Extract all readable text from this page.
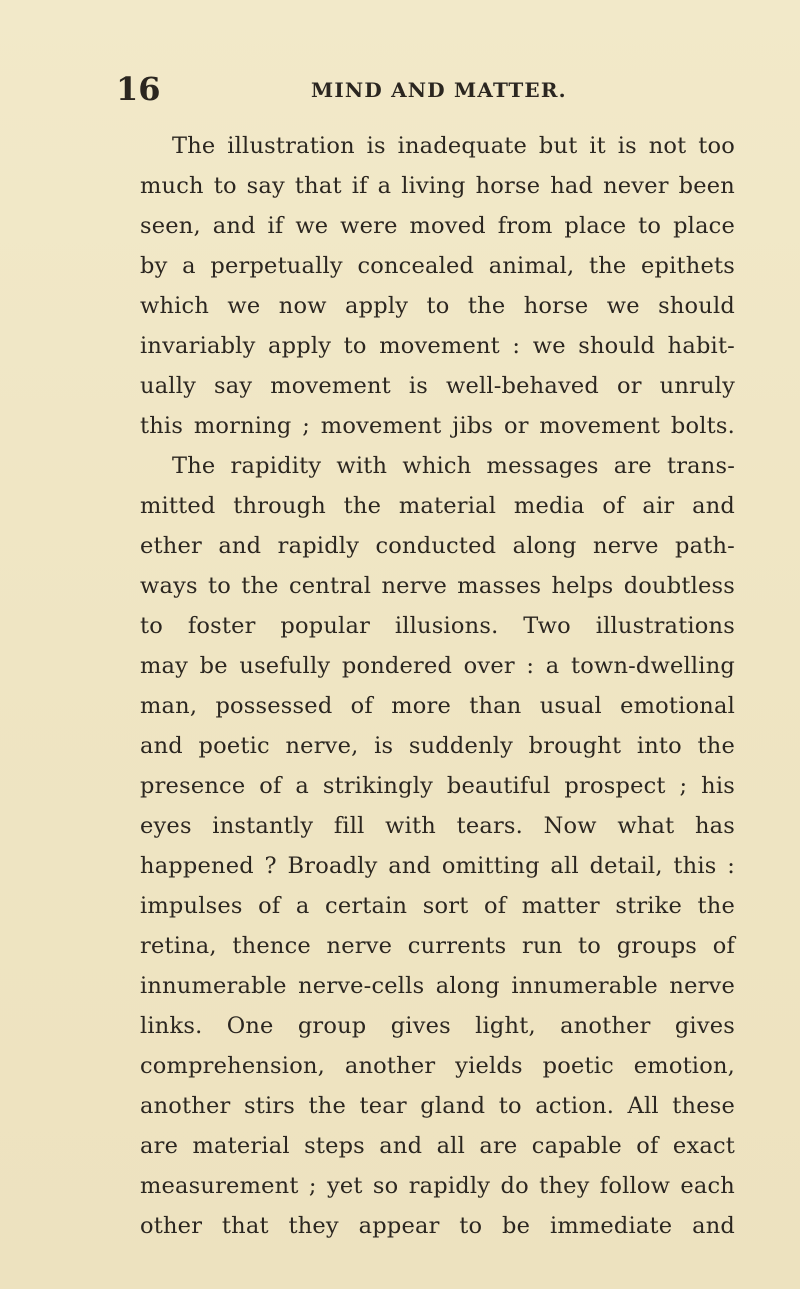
16	MIND AND MATTER.
The illustration is inadequate but it is not too
much to say that if a living horse had never been
seen, and if we were moved from place to place
by a perpetually concealed animal, the epithets
which we now apply to the horse we should
invariably apply to movement : we should habit-
ually say movement is well-behaved or unruly
this morning ; movement jibs or movement bolts.
The rapidity with which messages are trans-
mitted through the material media of air and
ether and rapidly conducted along nerve path-
ways to the central nerve masses helps doubtless
to foster popular illusions. Two illustrations
may be usefully pondered over : a town-dwelling
man, possessed of more than usual emotional
and poetic nerve, is suddenly brought into the
presence of a strikingly beautiful prospect ; his
eyes instantly fill with tears. Now what has
happened ? Broadly and omitting all detail, this :
impulses of a certain sort of matter strike the
retina, thence nerve currents run to groups of
innumerable nerve-cells along innumerable nerve
links. One group gives light, another gives
comprehension, another yields poetic emotion,
another stirs the tear gland to action. All these
are material steps and all are capable of exact
measurement ; yet so rapidly do they follow each
other that they appear to be immediate and
